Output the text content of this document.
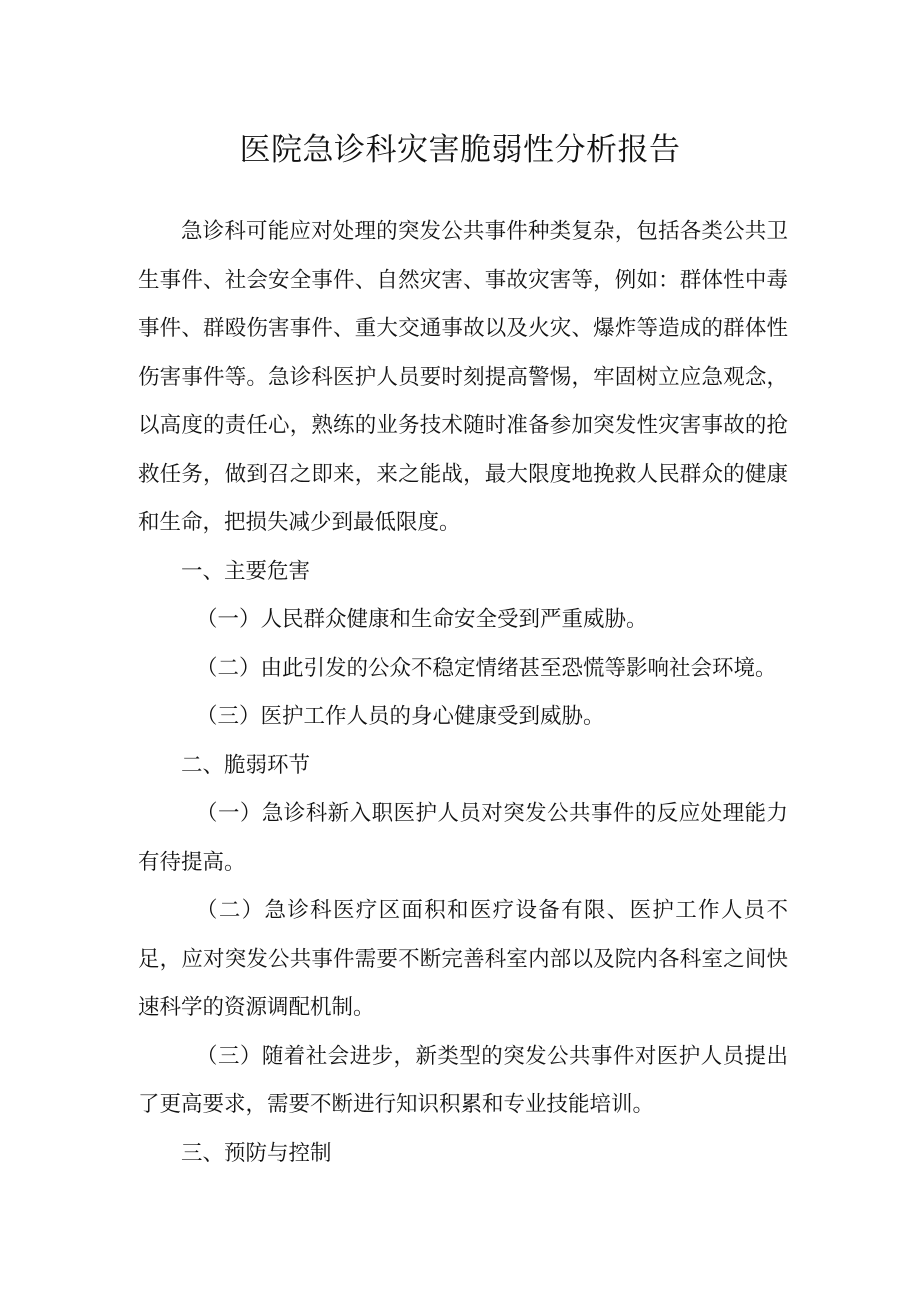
医院急诊科灾害脆弱性分析报告

急诊科可能应对处理的突发公共事件种类复杂，包括各类公共卫生事件、社会安全事件、自然灾害、事故灾害等，例如：群体性中毒事件、群殴伤害事件、重大交通事故以及火灾、爆炸等造成的群体性伤害事件等。急诊科医护人员要时刻提高警惕，牢固树立应急观念，以高度的责任心，熟练的业务技术随时准备参加突发性灾害事故的抢救任务，做到召之即来，来之能战，最大限度地挽救人民群众的健康和生命，把损失减少到最低限度。

一、主要危害

（一）人民群众健康和生命安全受到严重威胁。

（二）由此引发的公众不稳定情绪甚至恐慌等影响社会环境。

（三）医护工作人员的身心健康受到威胁。

二、脆弱环节

（一）急诊科新入职医护人员对突发公共事件的反应处理能力有待提高。

（二）急诊科医疗区面积和医疗设备有限、医护工作人员不足，应对突发公共事件需要不断完善科室内部以及院内各科室之间快速科学的资源调配机制。

（三）随着社会进步，新类型的突发公共事件对医护人员提出了更高要求，需要不断进行知识积累和专业技能培训。

三、预防与控制
